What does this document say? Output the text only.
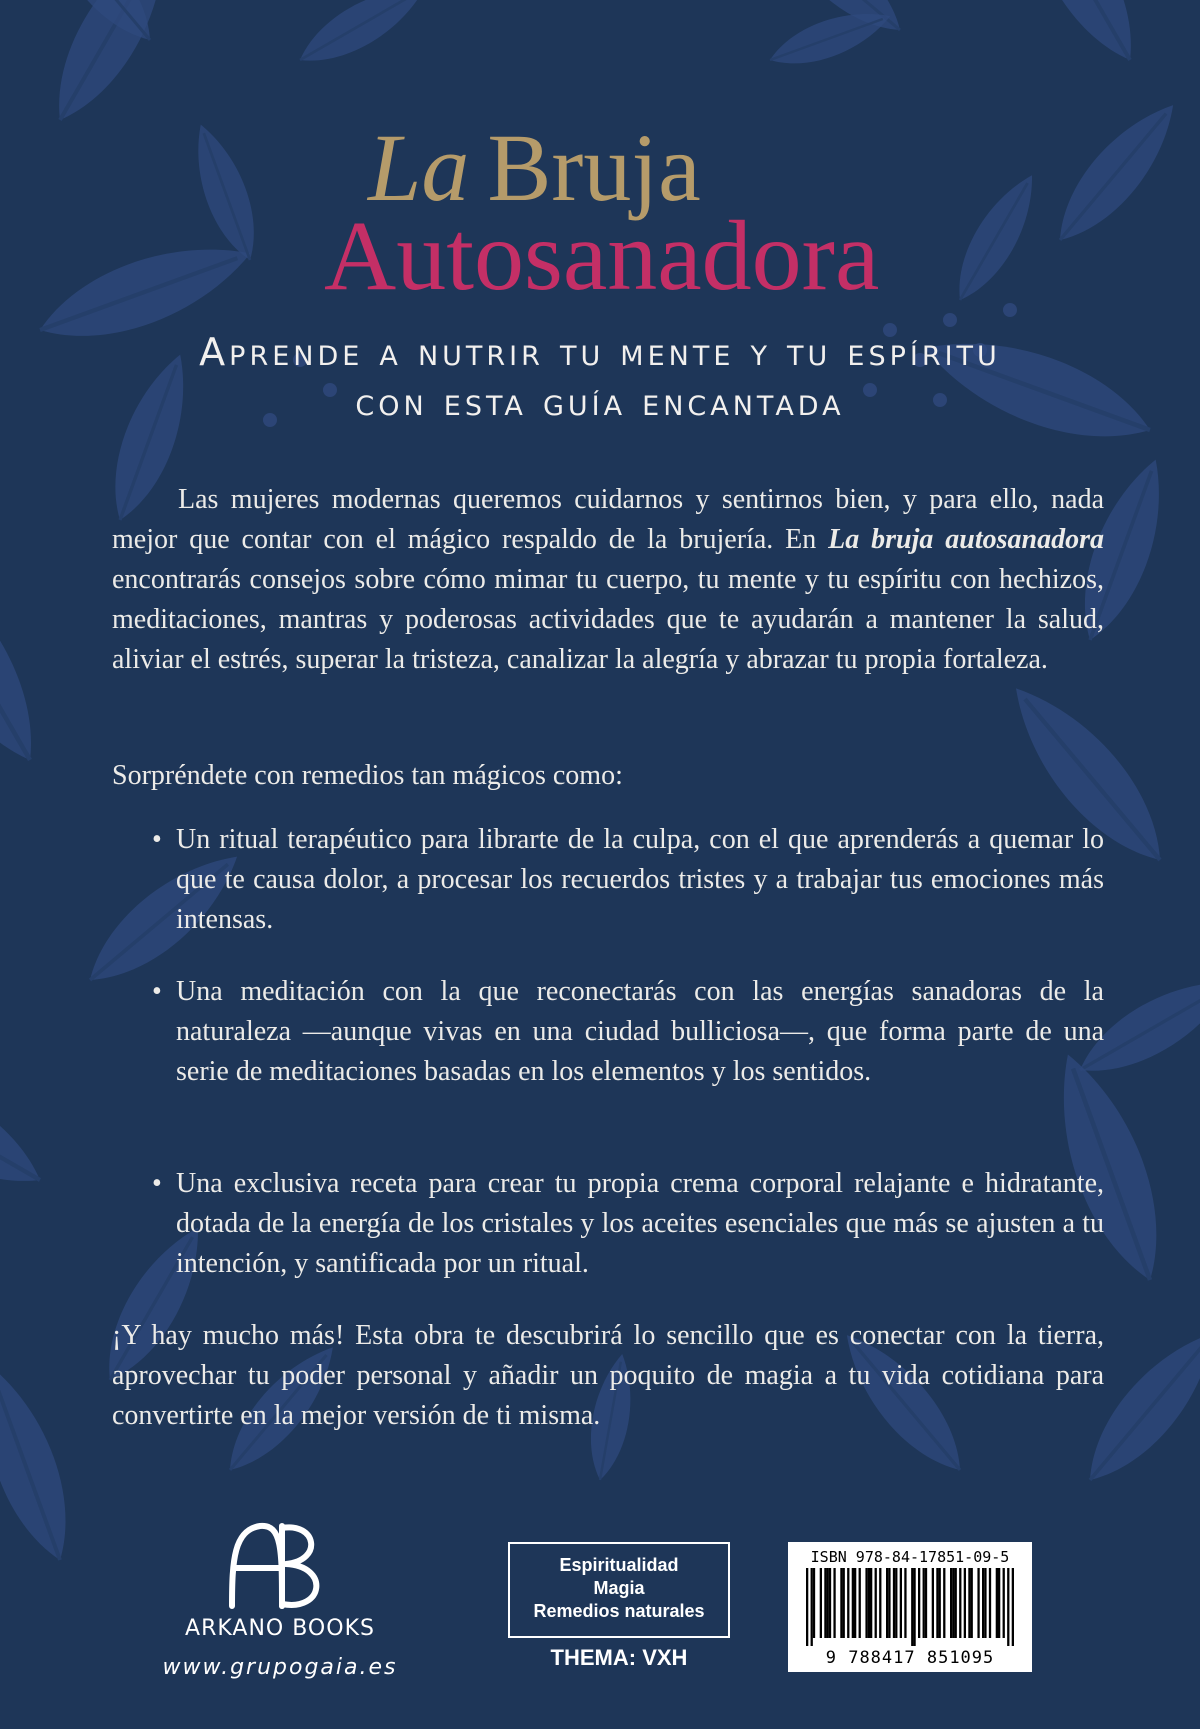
La Bruja
Autosanadora
Aprende a nutrir tu mente y tu espíritu
con esta guía encantada
Las mujeres modernas queremos cuidarnos y sentirnos bien, y para ello, nada mejor que contar con el mágico respaldo de la brujería. En La bruja autosanadora encontrarás consejos sobre cómo mimar tu cuerpo, tu mente y tu espíritu con hechizos, meditaciones, mantras y poderosas actividades que te ayudarán a mantener la salud, aliviar el estrés, superar la tristeza, canalizar la alegría y abrazar tu propia fortaleza.
Sorpréndete con remedios tan mágicos como:
• Un ritual terapéutico para librarte de la culpa, con el que aprenderás a quemar lo que te causa dolor, a procesar los recuerdos tristes y a trabajar tus emociones más intensas.
• Una meditación con la que reconectarás con las energías sanadoras de la naturaleza —aunque vivas en una ciudad bulliciosa—, que forma parte de una serie de meditaciones basadas en los elementos y los sentidos.
• Una exclusiva receta para crear tu propia crema corporal relajante e hidratante, dotada de la energía de los cristales y los aceites esenciales que más se ajusten a tu intención, y santificada por un ritual.
¡Y hay mucho más! Esta obra te descubrirá lo sencillo que es conectar con la tierra, aprovechar tu poder personal y añadir un poquito de magia a tu vida cotidiana para convertirte en la mejor versión de ti misma.
ARKANO BOOKS
www.grupogaia.es
Espiritualidad
Magia
Remedios naturales
THEMA: VXH
ISBN 978-84-17851-09-5
9 788417 851095
